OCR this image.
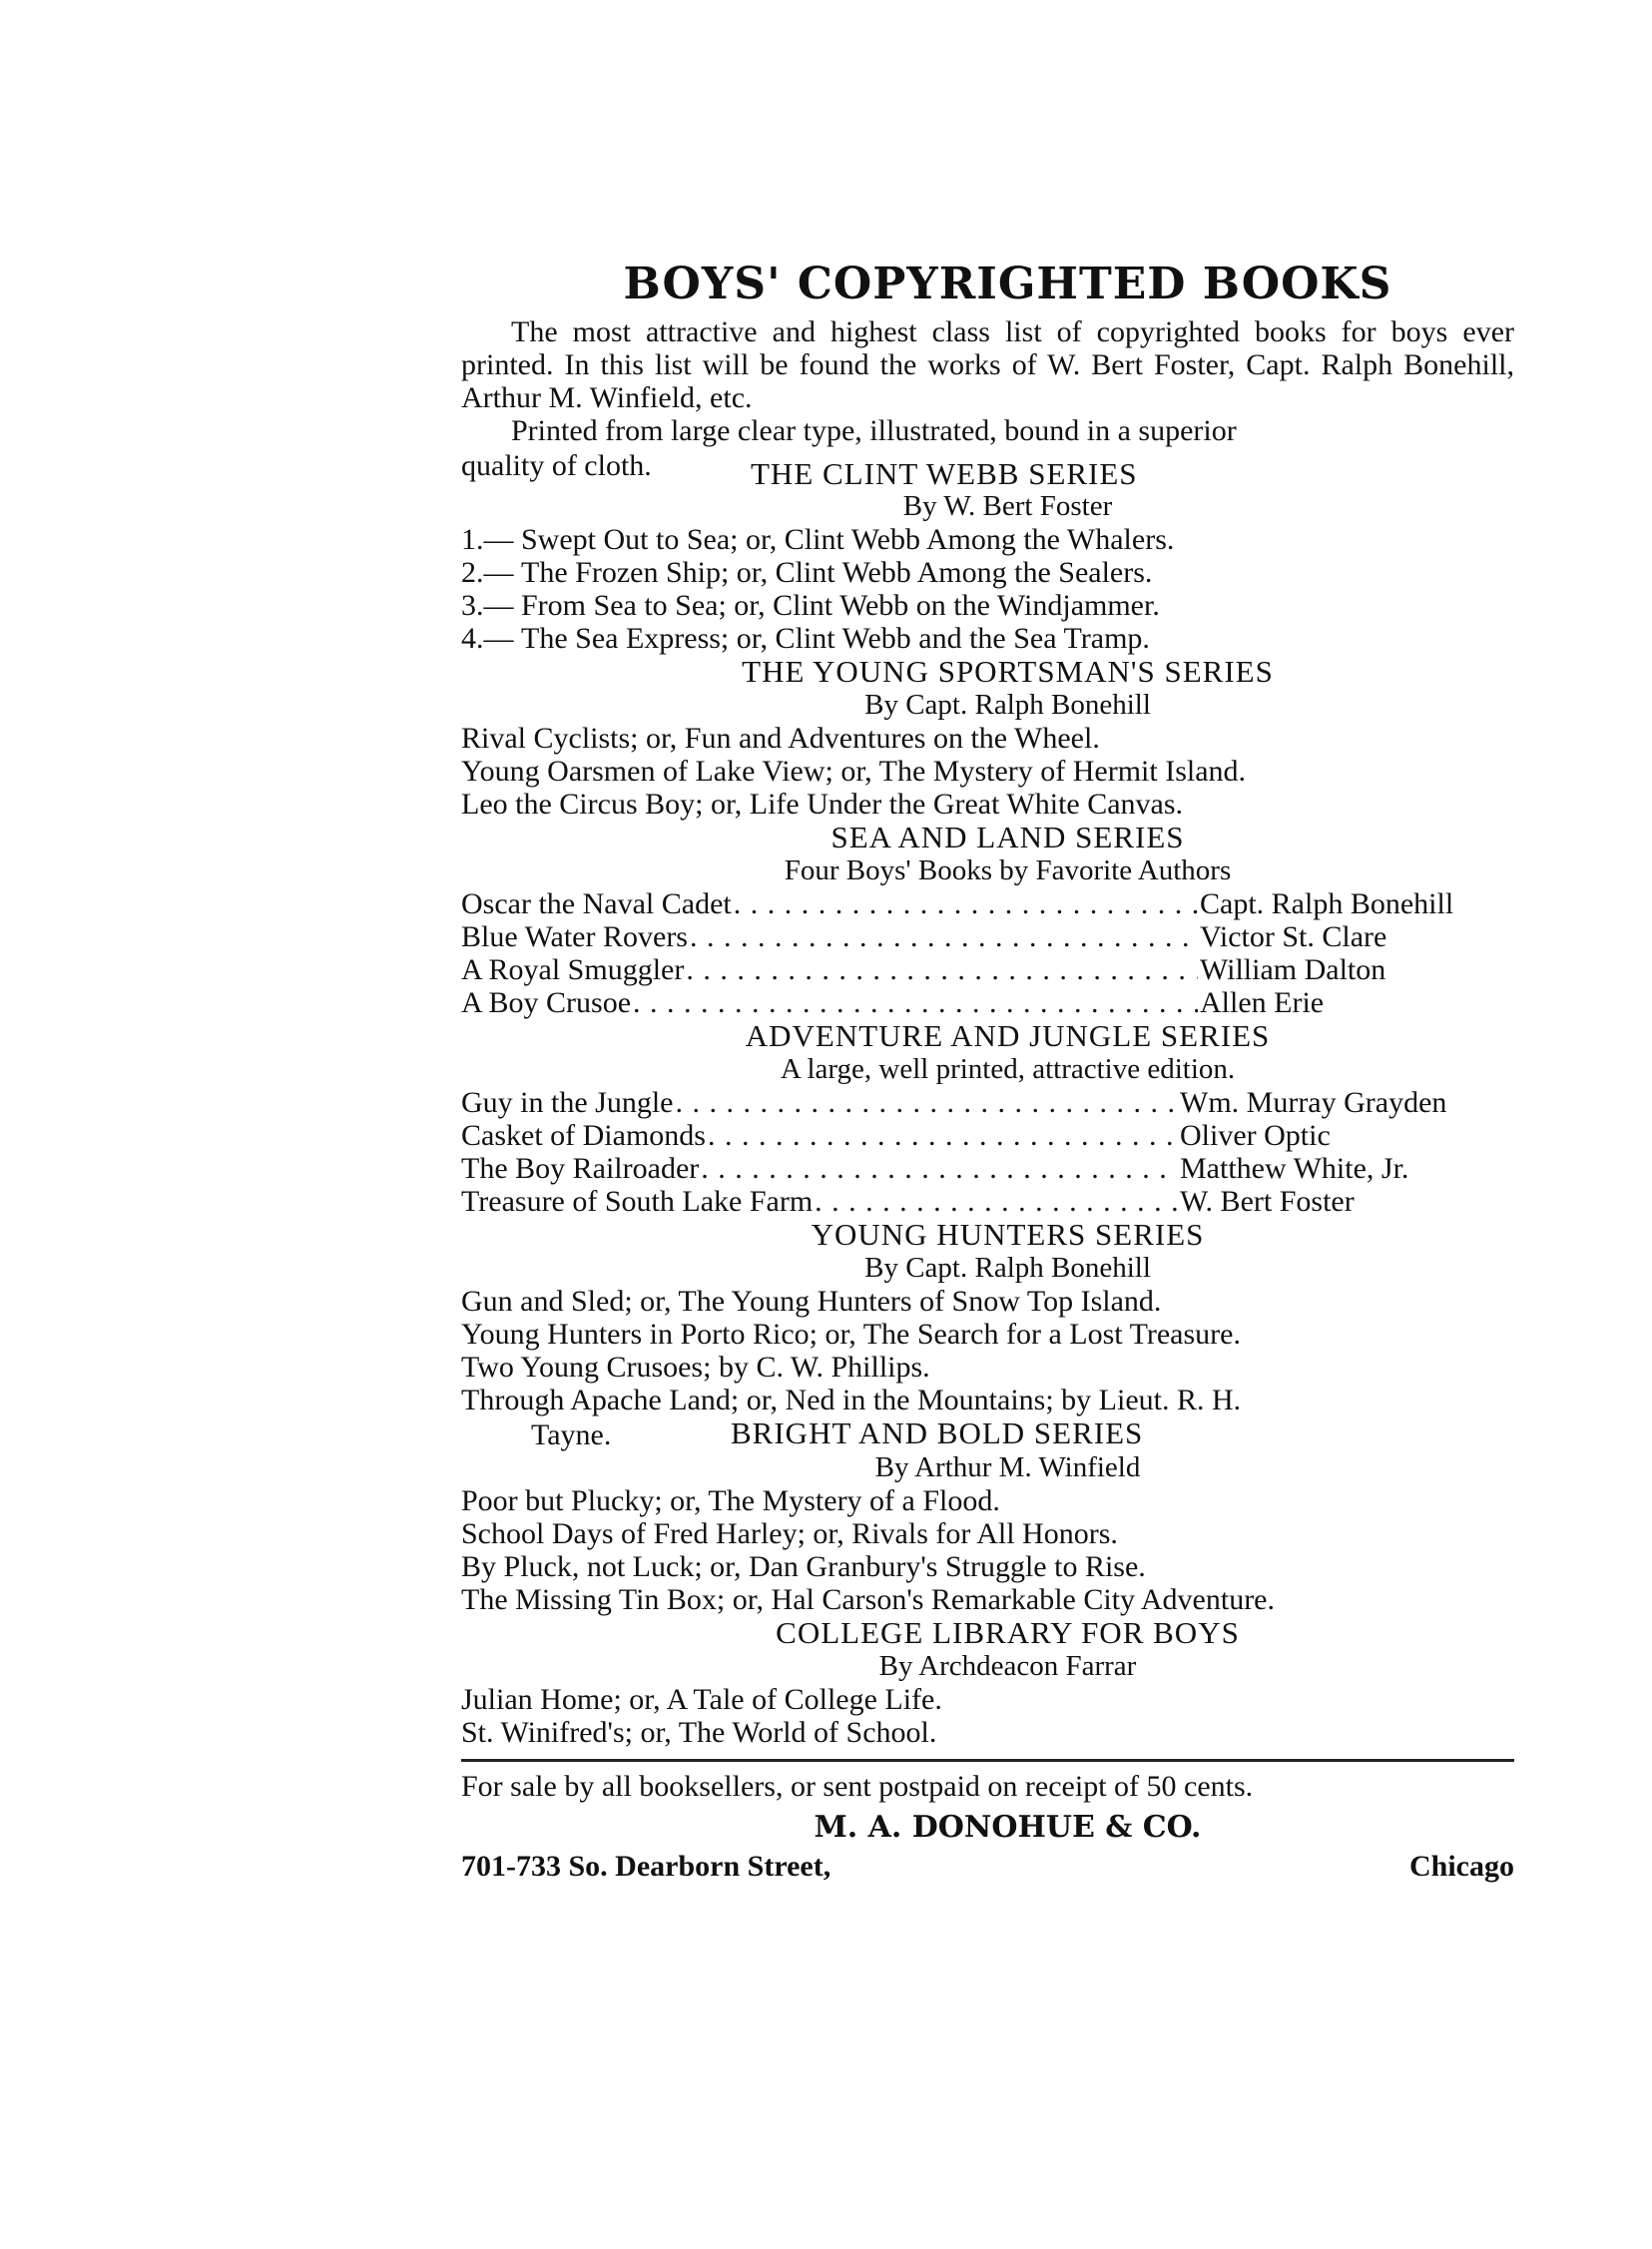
BOYS' COPYRIGHTED BOOKS

The most attractive and highest class list of copyrighted books for boys ever printed. In this list will be found the works of W. Bert Foster, Capt. Ralph Bonehill, Arthur M. Winfield, etc.

Printed from large clear type, illustrated, bound in a superior

quality of cloth.	THE CLINT WEBB SERIES
By W. Bert Foster
1.— Swept Out to Sea; or, Clint Webb Among the Whalers.
2.— The Frozen Ship; or, Clint Webb Among the Sealers.
3.— From Sea to Sea; or, Clint Webb on the Windjammer.
4.— The Sea Express; or, Clint Webb and the Sea Tramp.
THE YOUNG SPORTSMAN'S SERIES
By Capt. Ralph Bonehill
Rival Cyclists; or, Fun and Adventures on the Wheel.
Young Oarsmen of Lake View; or, The Mystery of Hermit Island.
Leo the Circus Boy; or, Life Under the Great White Canvas.
SEA AND LAND SERIES
Four Boys' Books by Favorite Authors
Oscar the Naval Cadet . . .	Capt. Ralph Bonehill
Blue Water Rovers . . .	Victor St. Clare
A Royal Smuggler . . .	William Dalton
A Boy Crusoe . . .	Allen Erie
ADVENTURE AND JUNGLE SERIES
A large, well printed, attractive edition.
Guy in the Jungle . . .	Wm. Murray Grayden
Casket of Diamonds . . .	Oliver Optic
The Boy Railroader . . .	Matthew White, Jr.
Treasure of South Lake Farm . . .	W. Bert Foster
YOUNG HUNTERS SERIES
By Capt. Ralph Bonehill
Gun and Sled; or, The Young Hunters of Snow Top Island.
Young Hunters in Porto Rico; or, The Search for a Lost Treasure.
Two Young Crusoes; by C. W. Phillips.
Through Apache Land; or, Ned in the Mountains; by Lieut. R. H.
Tayne.	BRIGHT AND BOLD SERIES
By Arthur M. Winfield
Poor but Plucky; or, The Mystery of a Flood.
School Days of Fred Harley; or, Rivals for All Honors.
By Pluck, not Luck; or, Dan Granbury's Struggle to Rise.
The Missing Tin Box; or, Hal Carson's Remarkable City Adventure.
COLLEGE LIBRARY FOR BOYS
By Archdeacon Farrar
Julian Home; or, A Tale of College Life.
St. Winifred's; or, The World of School.
For sale by all booksellers, or sent postpaid on receipt of 50 cents.
M. A. DONOHUE & CO.
701-733 So. Dearborn Street,	Chicago
